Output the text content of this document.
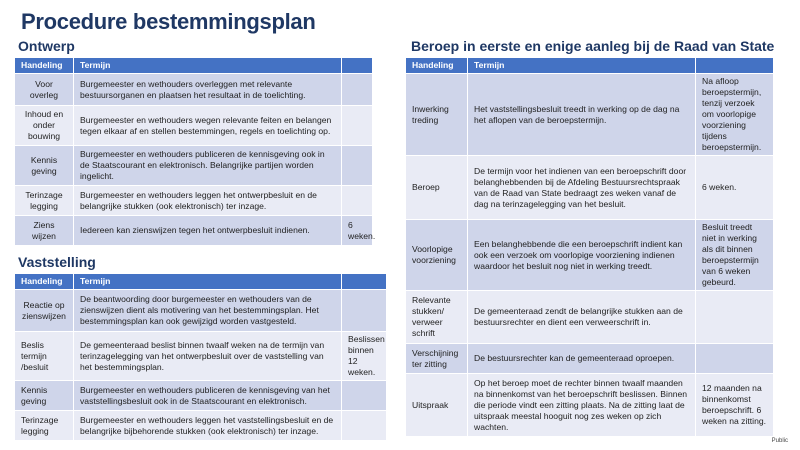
Procedure bestemmingsplan
Ontwerp
Handeling	Termijn	
Voor overleg	Burgemeester en wethouders overleggen met relevante bestuursorganen en plaatsen het resultaat in de toelichting.	
Inhoud en onder bouwing	Burgemeester en wethouders wegen relevante feiten en belangen tegen elkaar af en stellen bestemmingen, regels en toelichting op.	
Kennis geving	Burgemeester en wethouders publiceren de kennisgeving ook in de Staatscourant en elektronisch. Belangrijke partijen worden ingelicht.	
Terinzage legging	Burgemeester en wethouders leggen het ontwerpbesluit en de belangrijke stukken (ook elektronisch) ter inzage.	
Ziens wijzen	Iedereen kan zienswijzen tegen het ontwerpbesluit indienen.	6 weken.
Vaststelling
Handeling	Termijn	
Reactie op zienswijzen	De beantwoording door burgemeester en wethouders van de zienswijzen dient als motivering van het bestemmingsplan. Het bestemmingsplan kan ook gewijzigd worden vastgesteld.	
Beslis termijn /besluit	De gemeenteraad beslist binnen twaalf weken na de termijn van terinzagelegging van het ontwerpbesluit over de vaststelling van het bestemmingsplan.	Beslissen binnen 12 weken.
Kennis geving	Burgemeester en wethouders publiceren de kennisgeving van het vaststellingsbesluit ook in de Staatscourant en elektronisch.	
Terinzage legging	Burgemeester en wethouders leggen het vaststellingsbesluit en de belangrijke bijbehorende stukken (ook elektronisch) ter inzage.	
Beroep in eerste en enige aanleg bij de Raad van State
Handeling	Termijn	
Inwerking treding	Het vaststellingsbesluit treedt in werking op de dag na het aflopen van de beroepstermijn.	Na afloop beroepstermijn, tenzij verzoek om voorlopige voorziening tijdens beroepstermijn.
Beroep	De termijn voor het indienen van een beroepschrift door belanghebbenden bij de Afdeling Bestuursrechtspraak van de Raad van State bedraagt zes weken vanaf de dag na terinzagelegging van het besluit.	6 weken.
Voorlopige voorziening	Een belanghebbende die een beroepschrift indient kan ook een verzoek om voorlopige voorziening indienen waardoor het besluit nog niet in werking treedt.	Besluit treedt niet in werking als dit binnen beroepstermijn van 6 weken gebeurd.
Relevante stukken/ verweer schrift	De gemeenteraad zendt de belangrijke stukken aan de bestuursrechter en dient een verweerschrift in.	
Verschijning ter zitting	De bestuursrechter kan de gemeenteraad oproepen.	
Uitspraak	Op het beroep moet de rechter binnen twaalf maanden na binnenkomst van het beroepschrift beslissen. Binnen die periode vindt een zitting plaats. Na de zitting laat de uitspraak meestal hooguit nog zes weken op zich wachten.	12 maanden na binnenkomst beroepschrift. 6 weken na zitting.
Public
